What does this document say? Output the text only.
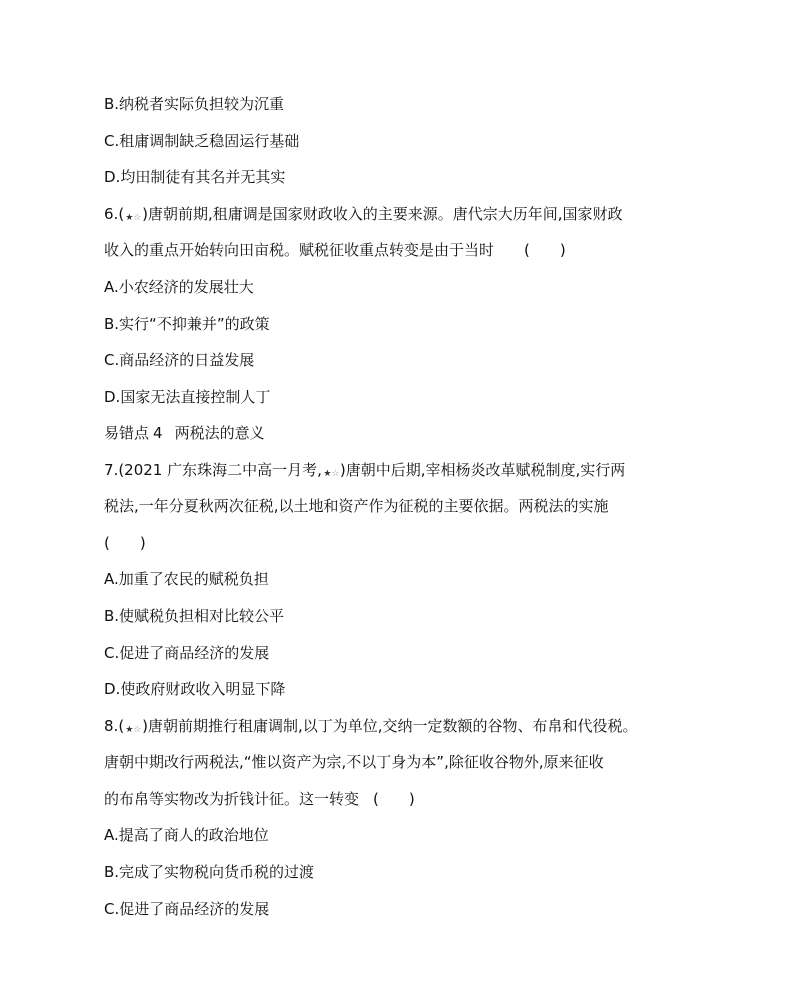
B.纳税者实际负担较为沉重
C.租庸调制缺乏稳固运行基础
D.均田制徒有其名并无其实
6.(★☆)唐朝前期,租庸调是国家财政收入的主要来源。唐代宗大历年间,国家财政
收入的重点开始转向田亩税。赋税征收重点转变是由于当时 (　　)
A.小农经济的发展壮大
B.实行“不抑兼并”的政策
C.商品经济的日益发展
D.国家无法直接控制人丁
易错点 4 两税法的意义
7.(2021 广东珠海二中高一月考,★☆)唐朝中后期,宰相杨炎改革赋税制度,实行两
税法,一年分夏秋两次征税,以土地和资产作为征税的主要依据。两税法的实施
(　　)
A.加重了农民的赋税负担
B.使赋税负担相对比较公平
C.促进了商品经济的发展
D.使政府财政收入明显下降
8.(★☆)唐朝前期推行租庸调制,以丁为单位,交纳一定数额的谷物、布帛和代役税。
唐朝中期改行两税法,“惟以资产为宗,不以丁身为本”,除征收谷物外,原来征收
的布帛等实物改为折钱计征。这一转变 (　　)
A.提高了商人的政治地位
B.完成了实物税向货币税的过渡
C.促进了商品经济的发展
